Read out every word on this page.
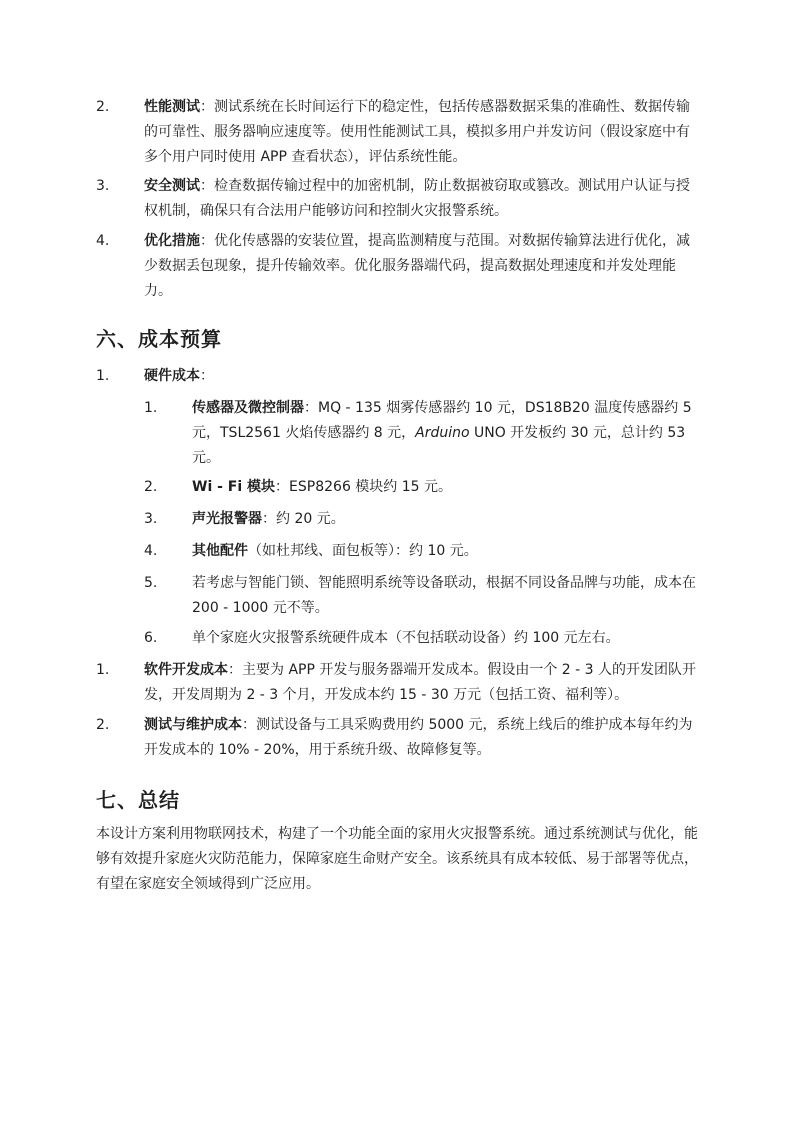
2. 性能测试：测试系统在长时间运行下的稳定性，包括传感器数据采集的准确性、数据传输的可靠性、服务器响应速度等。使用性能测试工具，模拟多用户并发访问（假设家庭中有多个用户同时使用 APP 查看状态），评估系统性能。
3. 安全测试：检查数据传输过程中的加密机制，防止数据被窃取或篡改。测试用户认证与授权机制，确保只有合法用户能够访问和控制火灾报警系统。
4. 优化措施：优化传感器的安装位置，提高监测精度与范围。对数据传输算法进行优化，减少数据丢包现象，提升传输效率。优化服务器端代码，提高数据处理速度和并发处理能力。
六、成本预算
1. 硬件成本：
1. 传感器及微控制器：MQ - 135 烟雾传感器约 10 元，DS18B20 温度传感器约 5 元，TSL2561 火焰传感器约 8 元，Arduino UNO 开发板约 30 元，总计约 53 元。
2. Wi - Fi 模块：ESP8266 模块约 15 元。
3. 声光报警器：约 20 元。
4. 其他配件（如杜邦线、面包板等）：约 10 元。
5. 若考虑与智能门锁、智能照明系统等设备联动，根据不同设备品牌与功能，成本在 200 - 1000 元不等。
6. 单个家庭火灾报警系统硬件成本（不包括联动设备）约 100 元左右。
1. 软件开发成本：主要为 APP 开发与服务器端开发成本。假设由一个 2 - 3 人的开发团队开发，开发周期为 2 - 3 个月，开发成本约 15 - 30 万元（包括工资、福利等）。
2. 测试与维护成本：测试设备与工具采购费用约 5000 元，系统上线后的维护成本每年约为开发成本的 10% - 20%，用于系统升级、故障修复等。
七、总结
本设计方案利用物联网技术，构建了一个功能全面的家用火灾报警系统。通过系统测试与优化，能够有效提升家庭火灾防范能力，保障家庭生命财产安全。该系统具有成本较低、易于部署等优点，有望在家庭安全领域得到广泛应用。
